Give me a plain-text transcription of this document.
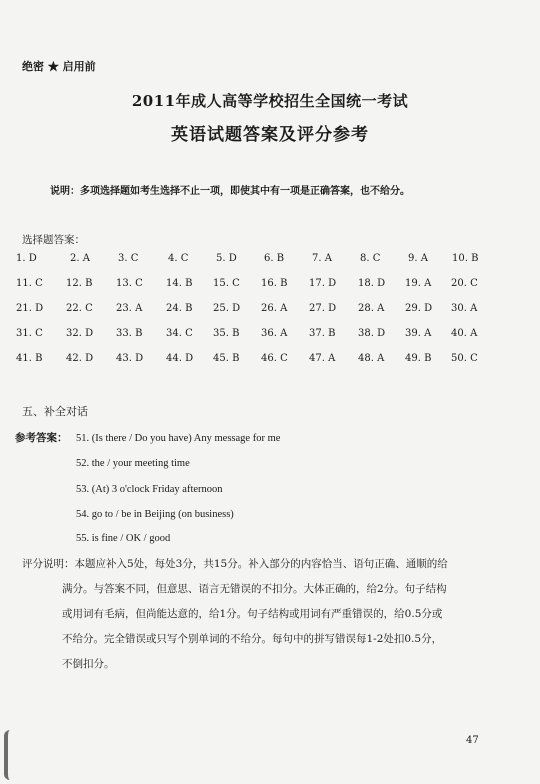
绝密 ★ 启用前
2011年成人高等学校招生全国统一考试
英语试题答案及评分参考
说明：多项选择题如考生选择不止一项，即使其中有一项是正确答案，也不给分。
选择题答案：
1. D	2. A	3. C	4. C	5. D	6. B	7. A	8. C	9. A 10. B
11. C 12. B 13. C 14. B 15. C 16. B 17. D 18. D 19. A 20. C
21. D 22. C 23. A 24. B 25. D 26. A 27. D 28. A 29. D 30. A
31. C 32. D 33. B 34. C 35. B 36. A 37. B 38. D 39. A 40. A
41. B 42. D 43. D 44. D 45. B 46. C 47. A 48. A 49. B 50. C
五、补全对话
参考答案： 51. (Is there / Do you have) Any message for me
52. the / your meeting time
53. (At) 3 o'clock Friday afternoon
54. go to / be in Beijing (on business)
55. is fine / OK / good

评分说明：本题应补入5处，每处3分，共15分。补入部分的内容恰当、语句正确、通顺的给

满分。与答案不同，但意思、语言无错误的不扣分。大体正确的，给2分。句子结构

或用词有毛病，但尚能达意的，给1分。句子结构或用词有严重错误的，给0.5分或

不给分。完全错误或只写个别单词的不给分。每句中的拼写错误每1-2处扣0.5分，

不倒扣分。

47
